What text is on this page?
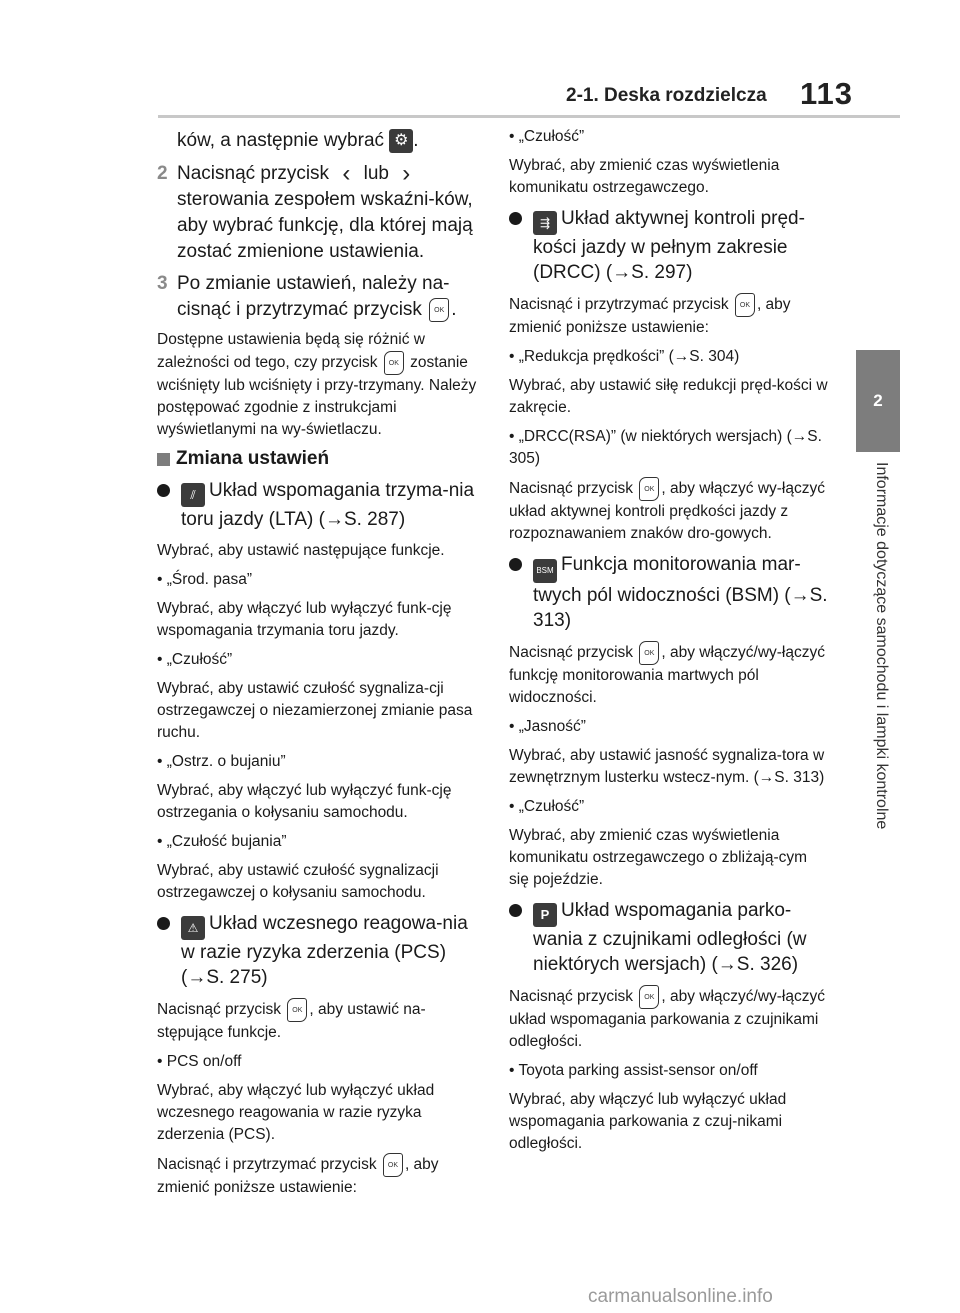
2-1. Deska rozdzielcza 113
2
Informacje dotyczące samochodu i lampki kontrolne
ków, a następnie wybrać ⚙ .
2 Nacisnąć przycisk ‹ lub › sterowania zespołem wskaźni-ków, aby wybrać funkcję, dla której mają zostać zmienione ustawienia.
3 Po zmianie ustawień, należy na-cisnąć i przytrzymać przycisk OK .
Dostępne ustawienia będą się różnić w zależności od tego, czy przycisk OK zostanie wciśnięty lub wciśnięty i przy-trzymany. Należy postępować zgodnie z instrukcjami wyświetlanymi na wy-świetlaczu.
Zmiana ustawień
⫽ Układ wspomagania trzyma-nia toru jazdy (LTA) (→S. 287)
Wybrać, aby ustawić następujące funkcje.
• „Środ. pasa”
Wybrać, aby włączyć lub wyłączyć funk-cję wspomagania trzymania toru jazdy.
• „Czułość”
Wybrać, aby ustawić czułość sygnaliza-cji ostrzegawczej o niezamierzonej zmianie pasa ruchu.
• „Ostrz. o bujaniu”
Wybrać, aby włączyć lub wyłączyć funk-cję ostrzegania o kołysaniu samochodu.
• „Czułość bujania”
Wybrać, aby ustawić czułość sygnalizacji ostrzegawczej o kołysaniu samochodu.
⚠ Układ wczesnego reagowa-nia w razie ryzyka zderzenia (PCS) (→S. 275)
Nacisnąć przycisk OK , aby ustawić na-stępujące funkcje.
• PCS on/off
Wybrać, aby włączyć lub wyłączyć układ wczesnego reagowania w razie ryzyka zderzenia (PCS).
Nacisnąć i przytrzymać przycisk OK , aby zmienić poniższe ustawienie:
• „Czułość”
Wybrać, aby zmienić czas wyświetlenia komunikatu ostrzegawczego.
⇶ Układ aktywnej kontroli pręd-kości jazdy w pełnym zakresie (DRCC) (→S. 297)
Nacisnąć i przytrzymać przycisk OK , aby zmienić poniższe ustawienie:
• „Redukcja prędkości” (→S. 304)
Wybrać, aby ustawić siłę redukcji pręd-kości w zakręcie.
• „DRCC(RSA)” (w niektórych wersjach) (→S. 305)
Nacisnąć przycisk OK , aby włączyć wy-łączyć układ aktywnej kontroli prędkości jazdy z rozpoznawaniem znaków dro-gowych.
BSM Funkcja monitorowania mar-twych pól widoczności (BSM) (→S. 313)
Nacisnąć przycisk OK , aby włączyć/wy-łączyć funkcję monitorowania martwych pól widoczności.
• „Jasność”
Wybrać, aby ustawić jasność sygnaliza-tora w zewnętrznym lusterku wstecz-nym. (→S. 313)
• „Czułość”
Wybrać, aby zmienić czas wyświetlenia komunikatu ostrzegawczego o zbliżają-cym się pojeździe.
P Układ wspomagania parko-wania z czujnikami odległości (w niektórych wersjach) (→S. 326)
Nacisnąć przycisk OK , aby włączyć/wy-łączyć układ wspomagania parkowania z czujnikami odległości.
• Toyota parking assist-sensor on/off
Wybrać, aby włączyć lub wyłączyć układ wspomagania parkowania z czuj-nikami odległości.
carmanualsonline.info
